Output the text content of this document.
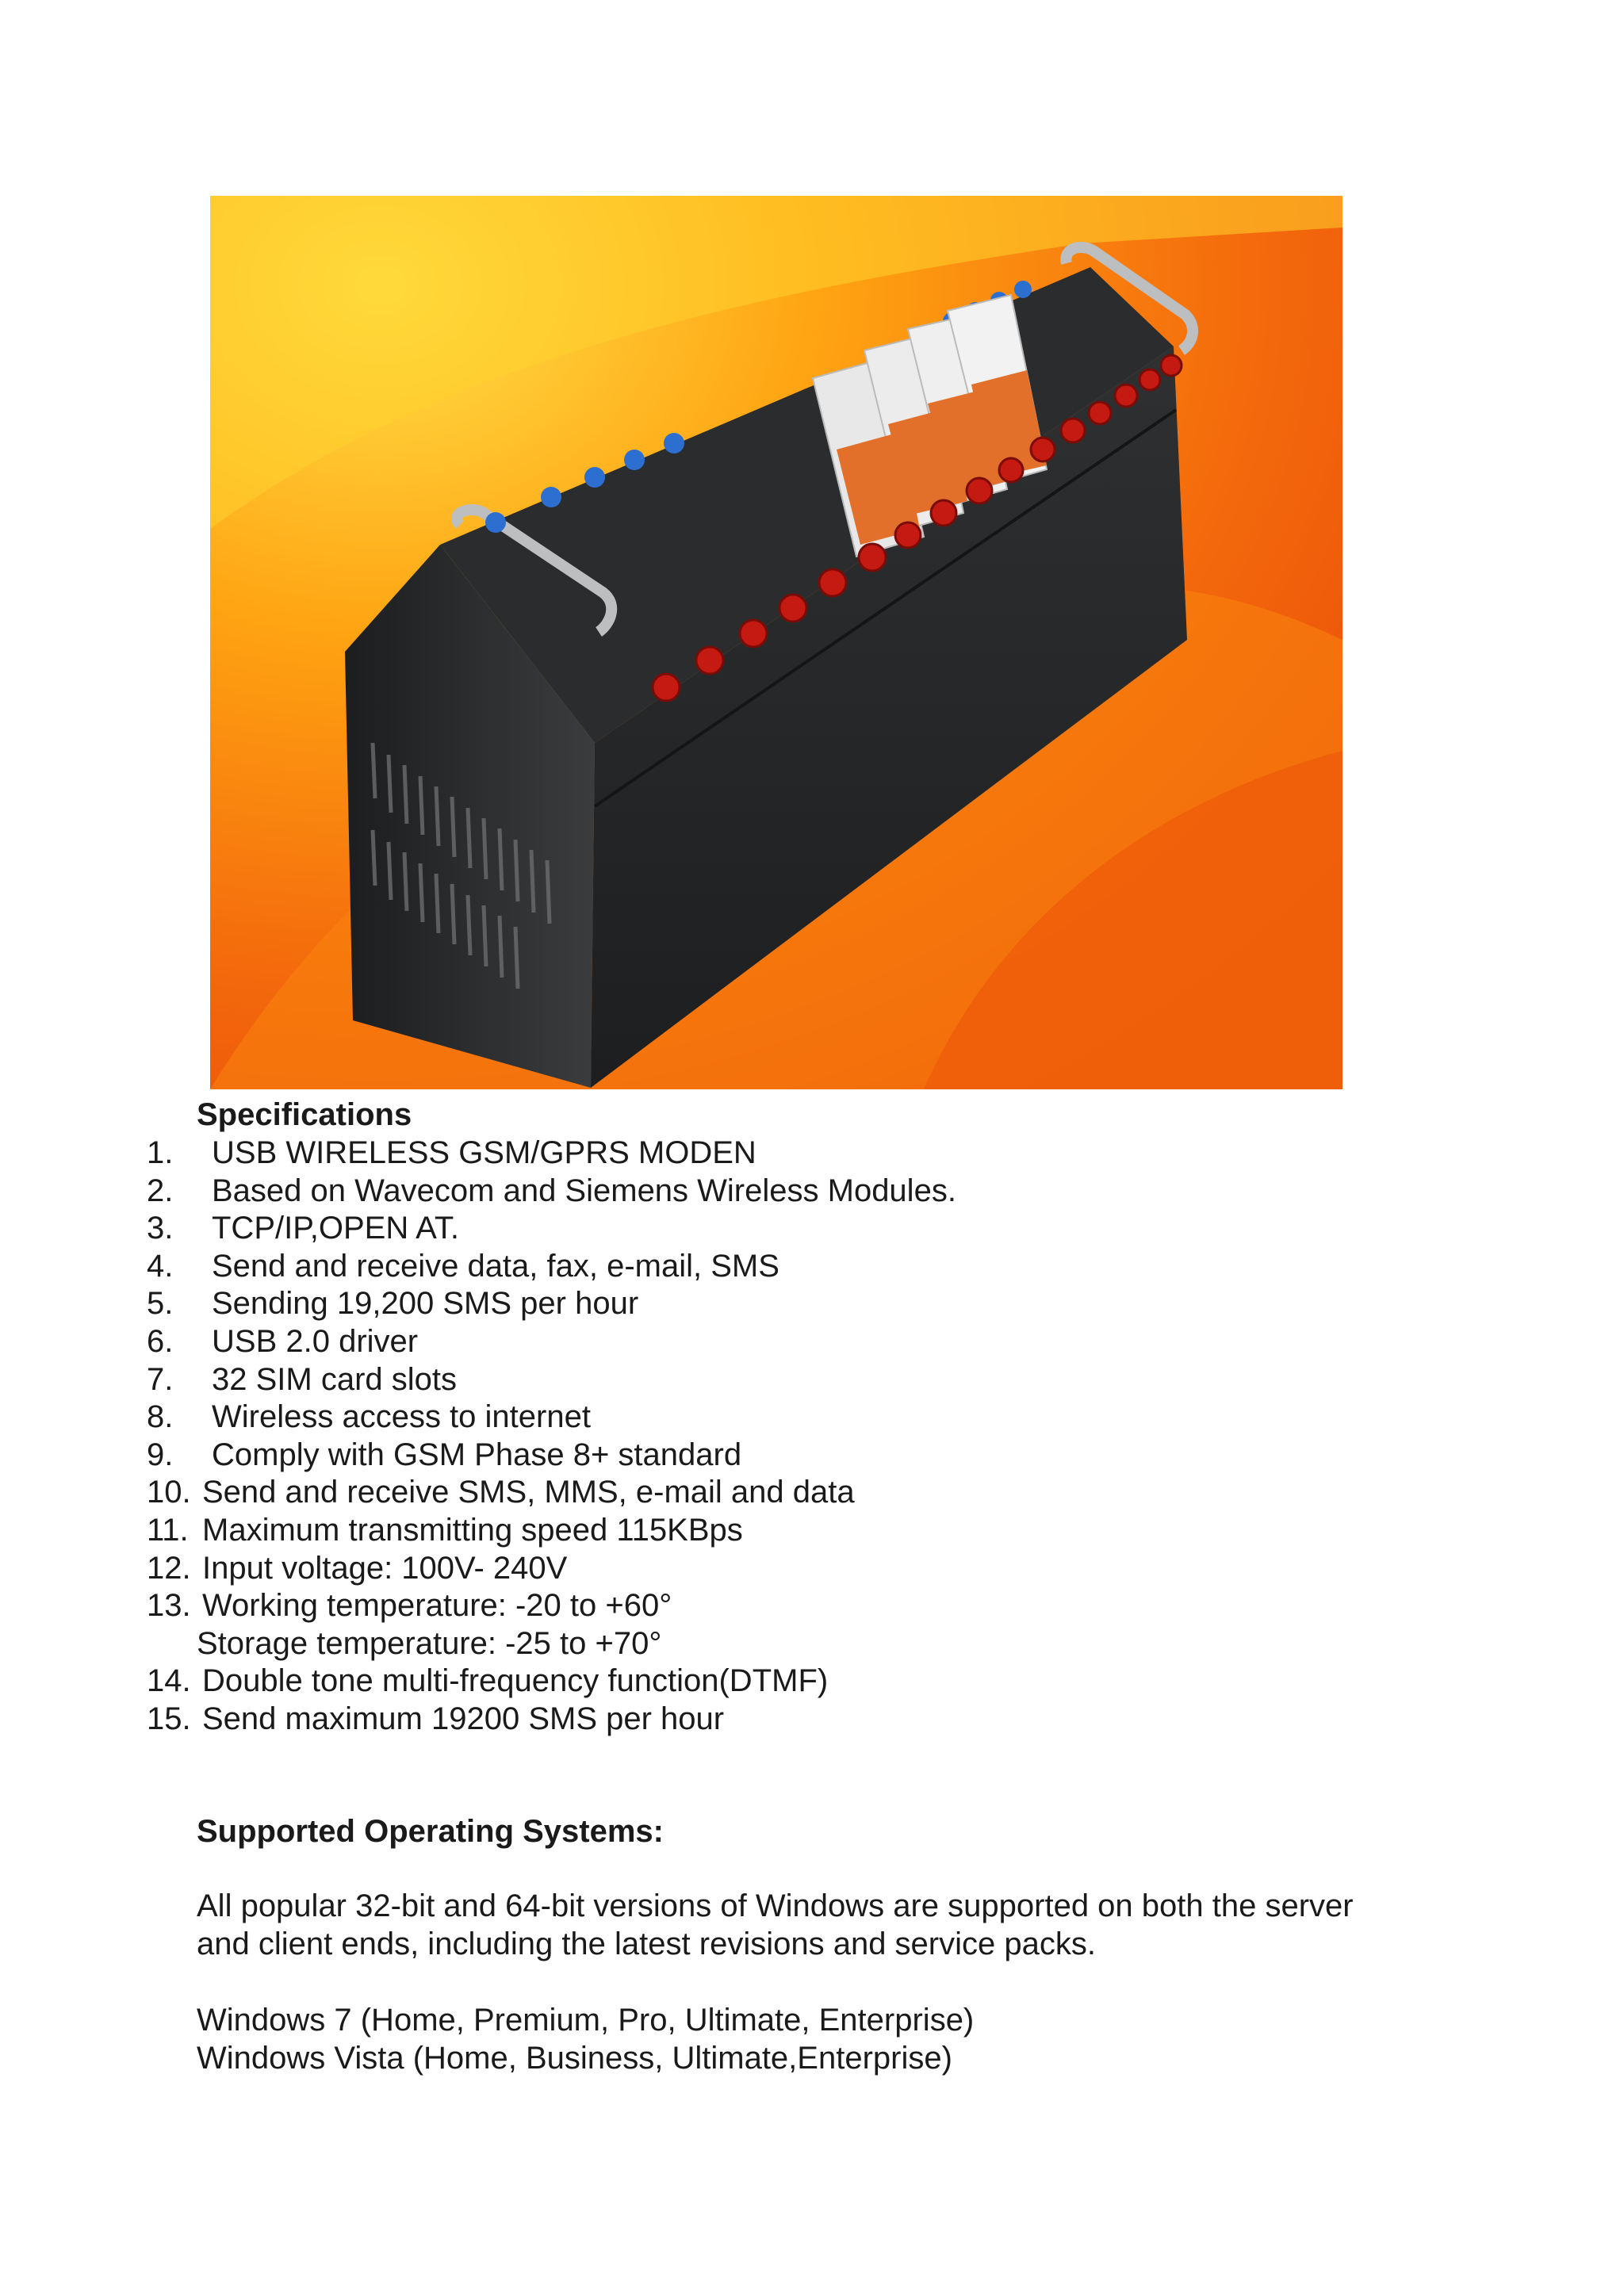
Specifications
1. USB WIRELESS GSM/GPRS MODEN
2. Based on Wavecom and Siemens Wireless Modules.
3. TCP/IP,OPEN AT.
4. Send and receive data, fax, e-mail, SMS
5. Sending 19,200 SMS per hour
6. USB 2.0 driver
7. 32 SIM card slots
8. Wireless access to internet
9. Comply with GSM Phase 8+ standard
10. Send and receive SMS, MMS, e-mail and data
11. Maximum transmitting speed 115KBps
12. Input voltage: 100V- 240V
13. Working temperature: -20 to +60°
Storage temperature: -25 to +70°
14. Double tone multi-frequency function(DTMF)
15. Send maximum 19200 SMS per hour
Supported Operating Systems:

All popular 32-bit and 64-bit versions of Windows are supported on both the server

and client ends, including the latest revisions and service packs.

Windows 7 (Home, Premium, Pro, Ultimate, Enterprise)

Windows Vista (Home, Business, Ultimate,Enterprise)
